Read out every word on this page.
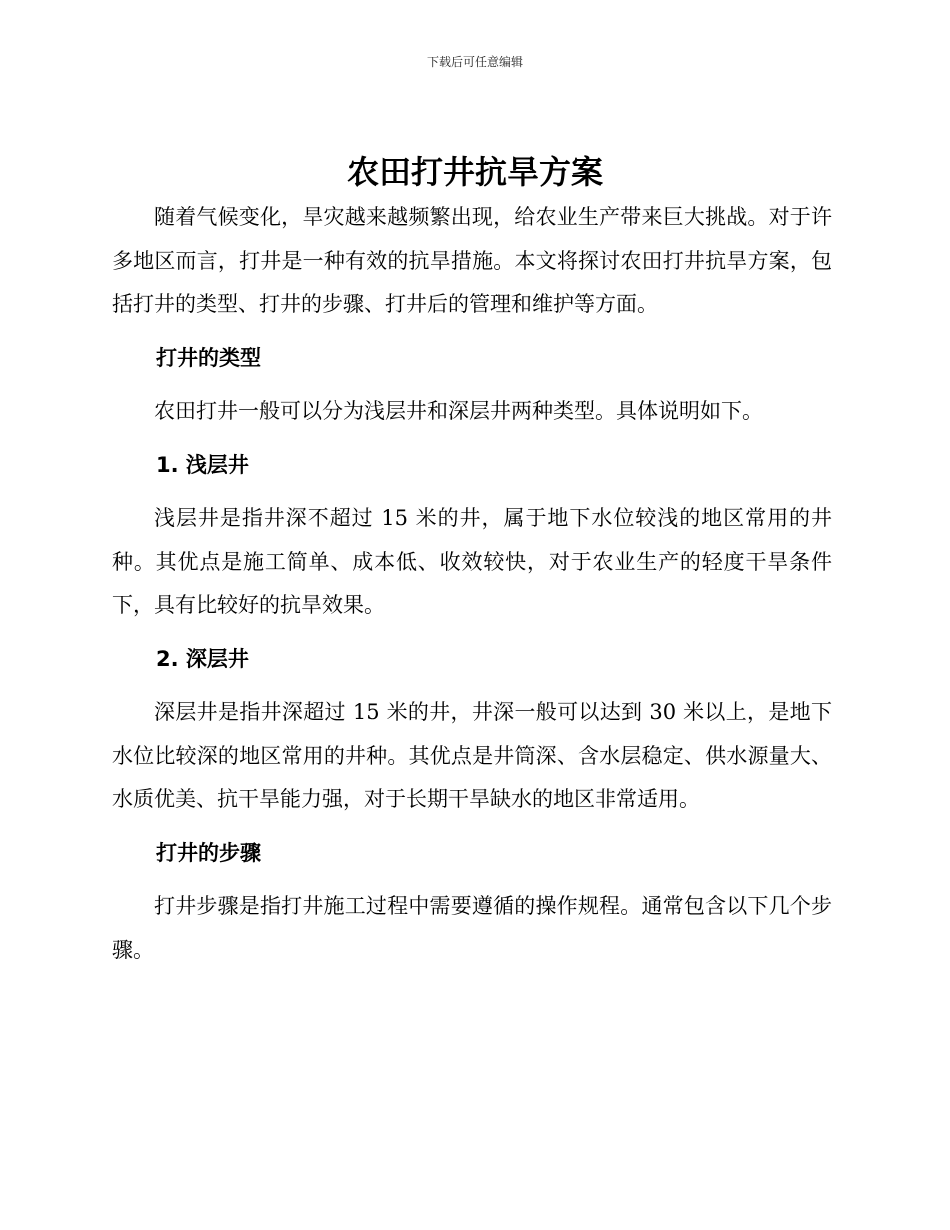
下载后可任意编辑
农田打井抗旱方案

随着气候变化，旱灾越来越频繁出现，给农业生产带来巨大挑战。对于许多地区而言，打井是一种有效的抗旱措施。本文将探讨农田打井抗旱方案，包括打井的类型、打井的步骤、打井后的管理和维护等方面。

打井的类型

农田打井一般可以分为浅层井和深层井两种类型。具体说明如下。

1. 浅层井

浅层井是指井深不超过 15 米的井，属于地下水位较浅的地区常用的井种。其优点是施工简单、成本低、收效较快，对于农业生产的轻度干旱条件下，具有比较好的抗旱效果。

2. 深层井

深层井是指井深超过 15 米的井，井深一般可以达到 30 米以上，是地下水位比较深的地区常用的井种。其优点是井筒深、含水层稳定、供水源量大、水质优美、抗干旱能力强，对于长期干旱缺水的地区非常适用。

打井的步骤

打井步骤是指打井施工过程中需要遵循的操作规程。通常包含以下几个步骤。
